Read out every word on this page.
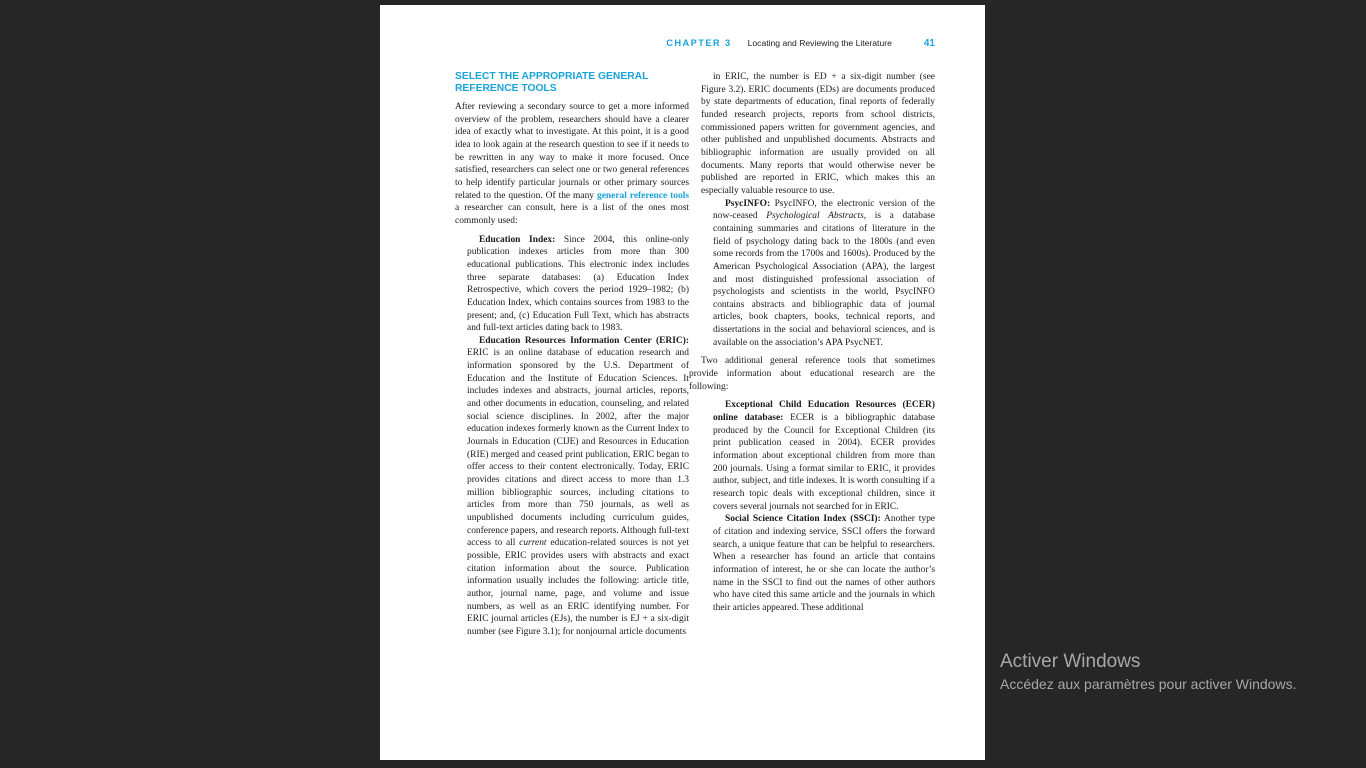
CHAPTER 3 Locating and Reviewing the Literature	41
SELECT THE APPROPRIATE GENERAL
REFERENCE TOOLS

After reviewing a secondary source to get a more informed overview of the problem, researchers should have a clearer idea of exactly what to investigate. At this point, it is a good idea to look again at the research question to see if it needs to be rewritten in any way to make it more focused. Once satisfied, researchers can select one or two general references to help identify particular journals or other primary sources related to the question. Of the many general reference tools a researcher can consult, here is a list of the ones most commonly used:

Education Index: Since 2004, this online-only publication indexes articles from more than 300 educational publications. This electronic index includes three separate databases: (a) Education Index Retrospective, which covers the period 1929–1982; (b) Education Index, which contains sources from 1983 to the present; and, (c) Education Full Text, which has abstracts and full-text articles dating back to 1983.

Education Resources Information Center (ERIC): ERIC is an online database of education research and information sponsored by the U.S. Department of Education and the Institute of Education Sciences. It includes indexes and abstracts, journal articles, reports, and other documents in education, counseling, and related social science disciplines. In 2002, after the major education indexes formerly known as the Current Index to Journals in Education (CIJE) and Resources in Education (RIE) merged and ceased print publication, ERIC began to offer access to their content electronically. Today, ERIC provides citations and direct access to more than 1.3 million bibliographic sources, including citations to articles from more than 750 journals, as well as unpublished documents including curriculum guides, conference papers, and research reports. Although full-text access to all current education-related sources is not yet possible, ERIC provides users with abstracts and exact citation information about the source. Publication information usually includes the following: article title, author, journal name, page, and volume and issue numbers, as well as an ERIC identifying number. For ERIC journal articles (EJs), the number is EJ + a six-digit number (see Figure 3.1); for nonjournal article documents

in ERIC, the number is ED + a six-digit number (see Figure 3.2). ERIC documents (EDs) are documents produced by state departments of education, final reports of federally funded research projects, reports from school districts, commissioned papers written for government agencies, and other published and unpublished documents. Abstracts and bibliographic information are usually provided on all documents. Many reports that would otherwise never be published are reported in ERIC, which makes this an especially valuable resource to use.

PsycINFO: PsycINFO, the electronic version of the now-ceased Psychological Abstracts, is a database containing summaries and citations of literature in the field of psychology dating back to the 1800s (and even some records from the 1700s and 1600s). Produced by the American Psychological Association (APA), the largest and most distinguished professional association of psychologists and scientists in the world, PsycINFO contains abstracts and bibliographic data of journal articles, book chapters, books, technical reports, and dissertations in the social and behavioral sciences, and is available on the association’s APA PsycNET.

Two additional general reference tools that sometimes provide information about educational research are the following:

Exceptional Child Education Resources (ECER) online database: ECER is a bibliographic database produced by the Council for Exceptional Children (its print publication ceased in 2004). ECER provides information about exceptional children from more than 200 journals. Using a format similar to ERIC, it provides author, subject, and title indexes. It is worth consulting if a research topic deals with exceptional children, since it covers several journals not searched for in ERIC.

Social Science Citation Index (SSCI): Another type of citation and indexing service, SSCI offers the forward search, a unique feature that can be helpful to researchers. When a researcher has found an article that contains information of interest, he or she can locate the author’s name in the SSCI to find out the names of other authors who have cited this same article and the journals in which their articles appeared. These additional

Activer Windows
Accédez aux paramètres pour activer Windows.
